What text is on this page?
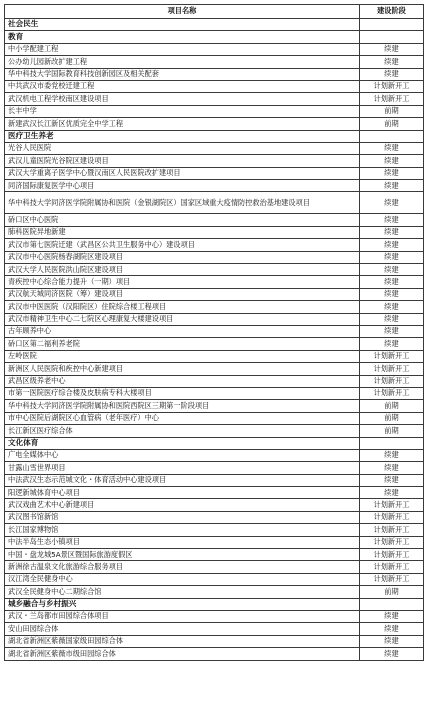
项目名称	建设阶段
社会民生	
教育	
中小学配建工程	续建
公办幼儿园新改扩建工程	续建
华中科技大学国际教育科技创新园区及相关配套	续建
中共武汉市委党校迁建工程	计划新开工
武汉机电工程学校南区建设项目	计划新开工
长丰中学	前期
新建武汉长江新区优质完全中学工程	前期
医疗卫生养老	
光谷人民医院	续建
武汉儿童医院光谷院区建设项目	续建
武汉大学重离子医学中心暨汉南区人民医院改扩建项目	续建
同济国际康复医学中心项目	续建
华中科技大学同济医学院附属协和医院（金银湖院区）国家区域重大疫情防控救治基地建设项目	续建
硚口区中心医院	续建
肺科医院异地新建	续建
武汉市第七医院迁建（武昌区公共卫生服务中心）建设项目	续建
武汉市中心医院杨春湖院区建设项目	续建
武汉大学人民医院洪山院区建设项目	续建
青疾控中心综合能力提升（一期）项目	续建
武汉航天城同济医院（筹）建设项目	续建
武汉市中医医院（汉阳院区）住院综合楼工程项目	续建
武汉市精神卫生中心二七院区心理康复大楼建设项目	续建
古年顾养中心	续建
硚口区第二福利养老院	续建
左岭医院	计划新开工
新洲区人民医院和疾控中心新建项目	计划新开工
武昌区级养老中心	计划新开工
市第一医院医疗综合楼及皮肤病专科大楼项目	计划新开工
华中科技大学同济医学院附属协和医院西院区三期第一阶段项目	前期
市中心医院后湖院区心血管病（老年医疗）中心	前期
长江新区医疗综合体	前期
文化体育	
广电全媒体中心	续建
甘露山雪世界项目	续建
中法武汉生态示范城文化・体育活动中心建设项目	续建
阳逻新城体育中心项目	续建
武汉戏曲艺术中心新建项目	计划新开工
武汉图书馆新馆	计划新开工
长江国家博物馆	计划新开工
中法半岛生态小镇项目	计划新开工
中国・盘龙城5A景区暨国际旅游度假区	计划新开工
新洲徐古温泉文化旅游综合服务项目	计划新开工
汉江湾全民健身中心	计划新开工
武汉全民健身中心二期综合馆	前期
城乡融合与乡村振兴	
武汉・兰岛都市田园综合体项目	续建
安山田园综合体	续建
湖北省新洲区紫薇国家级田园综合体	续建
湖北省新洲区紫薇市级田园综合体	续建
